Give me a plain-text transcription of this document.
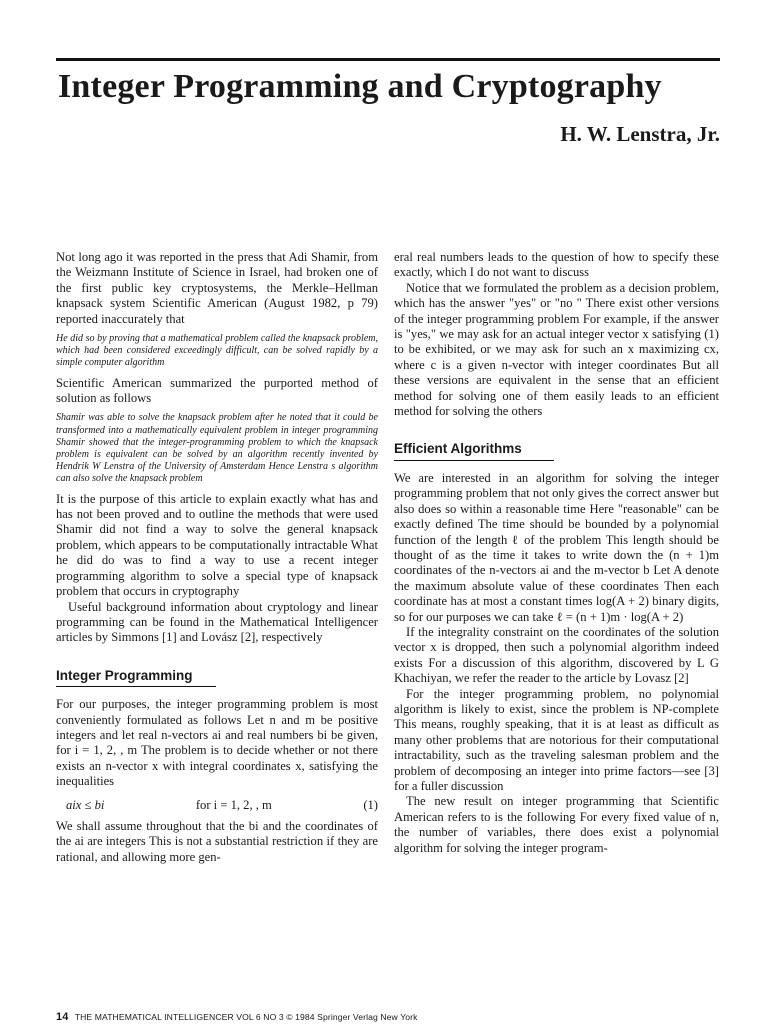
Integer Programming and Cryptography
H. W. Lenstra, Jr.

Not long ago it was reported in the press that Adi Shamir, from the Weizmann Institute of Science in Israel, had broken one of the first public key cryptosystems, the Merkle–Hellman knapsack system Scientific American (August 1982, p 79) reported inaccurately that

He did so by proving that a mathematical problem called the knapsack problem, which had been considered exceedingly difficult, can be solved rapidly by a simple computer algorithm

Scientific American summarized the purported method of solution as follows

Shamir was able to solve the knapsack problem after he noted that it could be transformed into a mathematically equivalent problem in integer programming Shamir showed that the integer-programming problem to which the knapsack problem is equivalent can be solved by an algorithm recently invented by Hendrik W Lenstra of the University of Amsterdam Hence Lenstra s algorithm can also solve the knapsack problem

It is the purpose of this article to explain exactly what has and has not been proved and to outline the methods that were used Shamir did not find a way to solve the general knapsack problem, which appears to be computationally intractable What he did do was to find a way to use a recent integer programming algorithm to solve a special type of knapsack problem that occurs in cryptography

Useful background information about cryptology and linear programming can be found in the Mathematical Intelligencer articles by Simmons [1] and Lovász [2], respectively

Integer Programming

For our purposes, the integer programming problem is most conveniently formulated as follows Let n and m be positive integers and let real n-vectors ai and real numbers bi be given, for i = 1, 2, , m The problem is to decide whether or not there exists an n-vector x with integral coordinates x, satisfying the inequalities

aix ≤ bi	for i = 1, 2, , m	(1)

We shall assume throughout that the bi and the coordinates of the ai are integers This is not a substantial restriction if they are rational, and allowing more gen-

eral real numbers leads to the question of how to specify these exactly, which I do not want to discuss

Notice that we formulated the problem as a decision problem, which has the answer "yes" or "no " There exist other versions of the integer programming problem For example, if the answer is "yes," we may ask for an actual integer vector x satisfying (1) to be exhibited, or we may ask for such an x maximizing cx, where c is a given n-vector with integer coordinates But all these versions are equivalent in the sense that an efficient method for solving one of them easily leads to an efficient method for solving the others

Efficient Algorithms

We are interested in an algorithm for solving the integer programming problem that not only gives the correct answer but also does so within a reasonable time Here "reasonable" can be exactly defined The time should be bounded by a polynomial function of the length ℓ of the problem This length should be thought of as the time it takes to write down the (n + 1)m coordinates of the n-vectors ai and the m-vector b Let A denote the maximum absolute value of these coordinates Then each coordinate has at most a constant times log(A + 2) binary digits, so for our purposes we can take ℓ = (n + 1)m · log(A + 2)

If the integrality constraint on the coordinates of the solution vector x is dropped, then such a polynomial algorithm indeed exists For a discussion of this algorithm, discovered by L G Khachiyan, we refer the reader to the article by Lovasz [2]

For the integer programming problem, no polynomial algorithm is likely to exist, since the problem is NP-complete This means, roughly speaking, that it is at least as difficult as many other problems that are notorious for their computational intractability, such as the traveling salesman problem and the problem of decomposing an integer into prime factors—see [3] for a fuller discussion

The new result on integer programming that Scientific American refers to is the following For every fixed value of n, the number of variables, there does exist a polynomial algorithm for solving the integer program-

14 THE MATHEMATICAL INTELLIGENCER VOL 6 NO 3 © 1984 Springer Verlag New York
